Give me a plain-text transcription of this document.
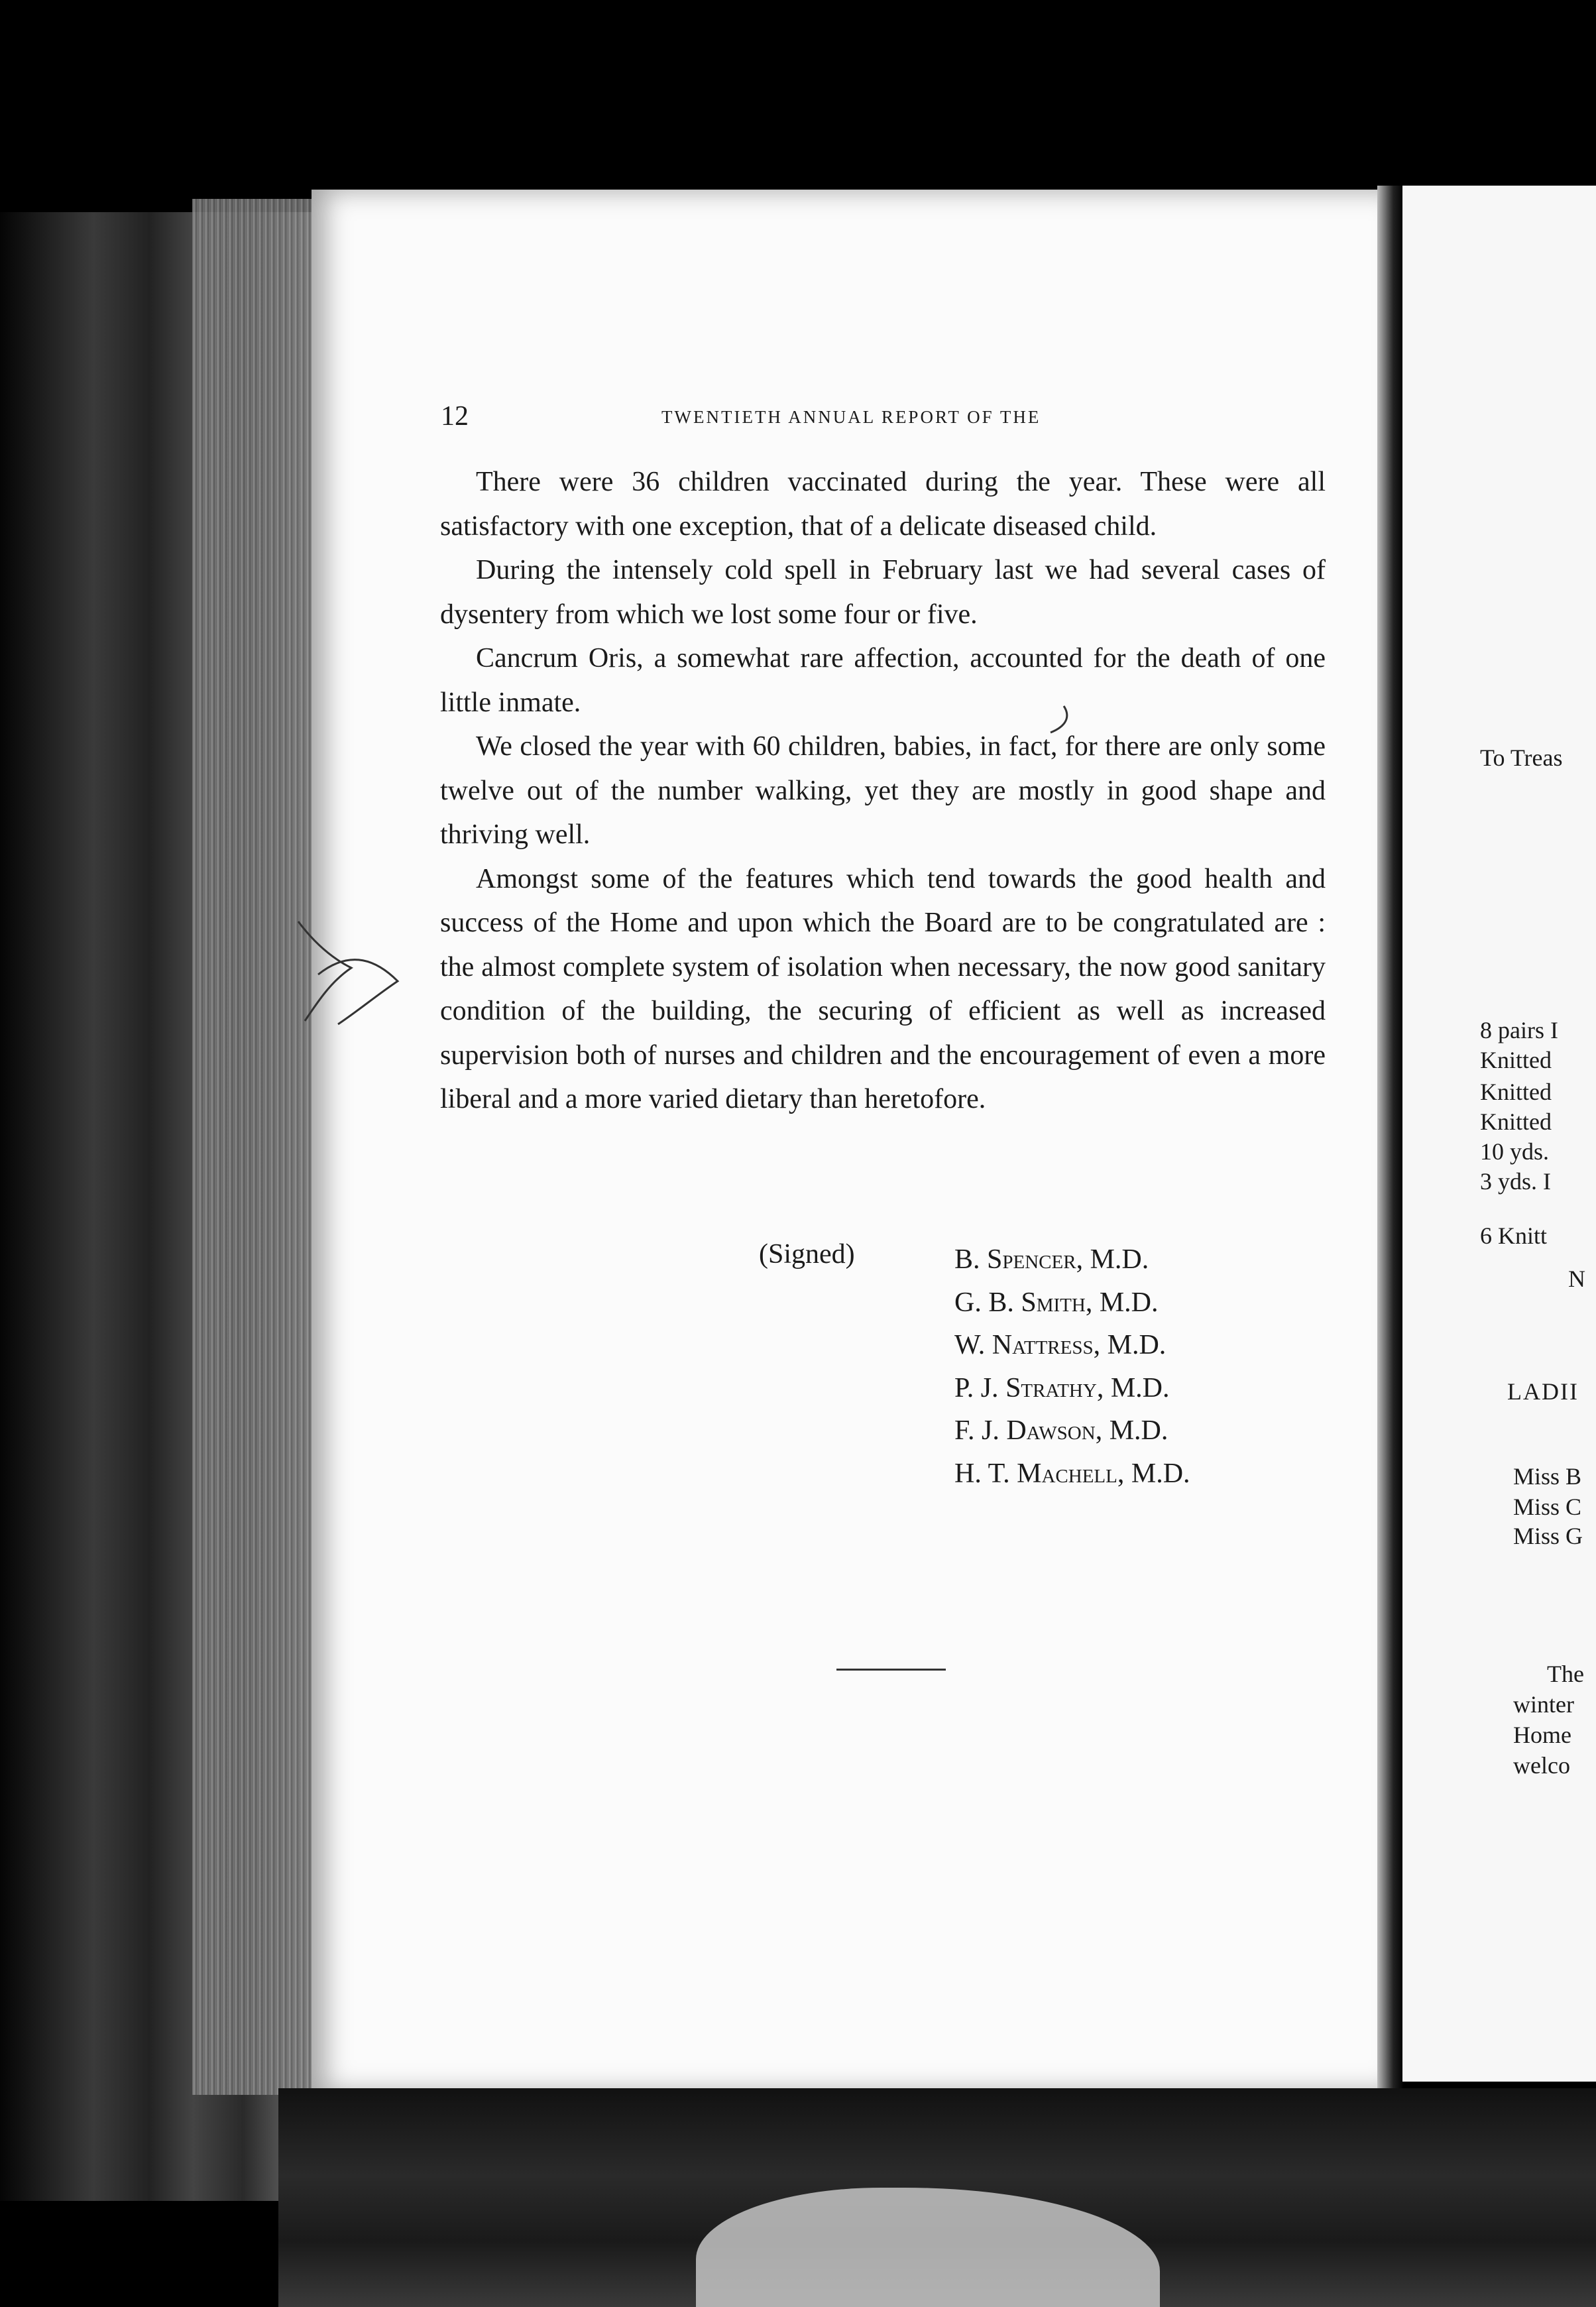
12	TWENTIETH ANNUAL REPORT OF THE

There were 36 children vaccinated during the year. These were all satisfactory with one exception, that of a delicate diseased child.

During the intensely cold spell in February last we had several cases of dysentery from which we lost some four or five.

Cancrum Oris, a somewhat rare affection, accounted for the death of one little inmate.

We closed the year with 60 children, babies, in fact, for there are only some twelve out of the number walking, yet they are mostly in good shape and thriving well.

Amongst some of the features which tend towards the good health and success of the Home and upon which the Board are to be congratulated are : the almost complete system of isolation when necessary, the now good sanitary condition of the building, the securing of efficient as well as increased supervision both of nurses and children and the encouragement of even a more liberal and a more varied dietary than heretofore.

(Signed)	B. Spencer, M.D.
G. B. Smith, M.D.
W. Nattress, M.D.
P. J. Strathy, M.D.
F. J. Dawson, M.D.
H. T. Machell, M.D.
To Treas
8 pairs I
Knitted
Knitted
Knitted
10 yds.
3 yds. I
6 Knitt
N
LADII
Miss B
Miss C
Miss G
The
winter
Home
welco
